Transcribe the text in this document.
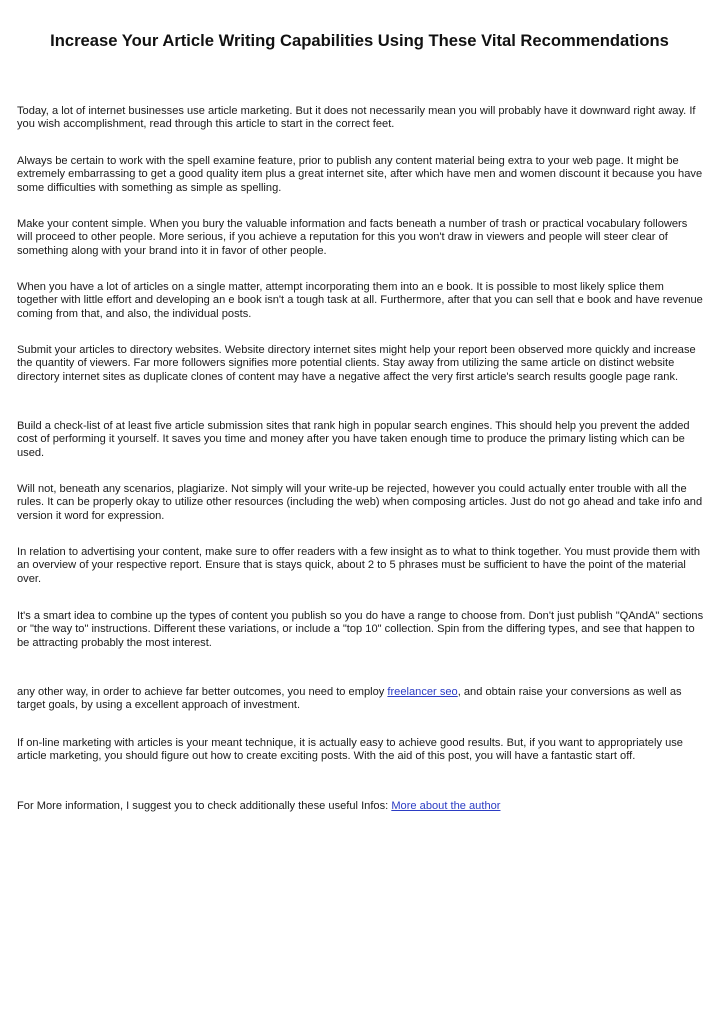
Increase Your Article Writing Capabilities Using These Vital Recommendations

Today, a lot of internet businesses use article marketing. But it does not necessarily mean you will probably have it downward right away. If you wish accomplishment, read through this article to start in the correct feet.

Always be certain to work with the spell examine feature, prior to publish any content material being extra to your web page. It might be extremely embarrassing to get a good quality item plus a great internet site, after which have men and women discount it because you have some difficulties with something as simple as spelling.

Make your content simple. When you bury the valuable information and facts beneath a number of trash or practical vocabulary followers will proceed to other people. More serious, if you achieve a reputation for this you won't draw in viewers and people will steer clear of something along with your brand into it in favor of other people.

When you have a lot of articles on a single matter, attempt incorporating them into an e book. It is possible to most likely splice them together with little effort and developing an e book isn't a tough task at all. Furthermore, after that you can sell that e book and have revenue coming from that, and also, the individual posts.

Submit your articles to directory websites. Website directory internet sites might help your report been observed more quickly and increase the quantity of viewers. Far more followers signifies more potential clients. Stay away from utilizing the same article on distinct website directory internet sites as duplicate clones of content may have a negative affect the very first article's search results google page rank.

Build a check-list of at least five article submission sites that rank high in popular search engines. This should help you prevent the added cost of performing it yourself. It saves you time and money after you have taken enough time to produce the primary listing which can be used.

Will not, beneath any scenarios, plagiarize. Not simply will your write-up be rejected, however you could actually enter trouble with all the rules. It can be properly okay to utilize other resources (including the web) when composing articles. Just do not go ahead and take info and version it word for expression.

In relation to advertising your content, make sure to offer readers with a few insight as to what to think together. You must provide them with an overview of your respective report. Ensure that is stays quick, about 2 to 5 phrases must be sufficient to have the point of the material over.

It's a smart idea to combine up the types of content you publish so you do have a range to choose from. Don't just publish "QAndA" sections or "the way to" instructions. Different these variations, or include a "top 10" collection. Spin from the differing types, and see that happen to be attracting probably the most interest.

any other way, in order to achieve far better outcomes, you need to employ freelancer seo, and obtain raise your conversions as well as target goals, by using a excellent approach of investment.

If on-line marketing with articles is your meant technique, it is actually easy to achieve good results. But, if you want to appropriately use article marketing, you should figure out how to create exciting posts. With the aid of this post, you will have a fantastic start off.

For More information, I suggest you to check additionally these useful Infos: More about the author
